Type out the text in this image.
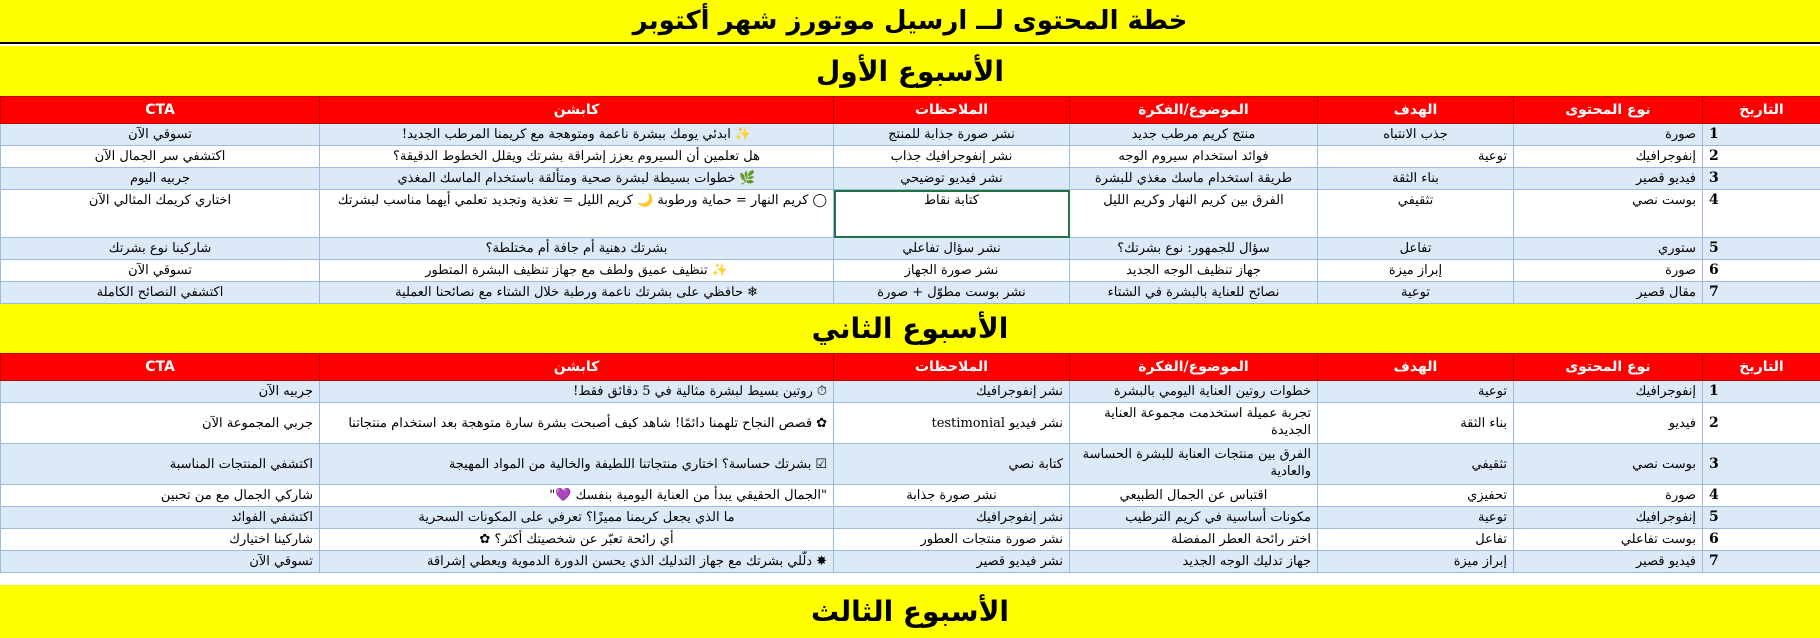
خطة المحتوى لــ ارسيل موتورز شهر أكتوبر
الأسبوع الأول
التاريخ	نوع المحتوى	الهدف	الموضوع/الفكرة	الملاحظات	كابشن	CTA
1	صورة	جذب الانتباه	منتج كريم مرطب جديد	نشر صورة جذابة للمنتج	✨ابدئي يومك ببشرة ناعمة ومتوهجة مع كريمنا المرطب الجديد!	تسوقي الآن
2	إنفوجرافيك	توعية	فوائد استخدام سيروم الوجه	نشر إنفوجرافيك جذاب	هل تعلمين أن السيروم يعزز إشراقة بشرتك ويقلل الخطوط الدقيقة؟	اكتشفي سر الجمال الآن
3	فيديو قصير	بناء الثقة	طريقة استخدام ماسك مغذي للبشرة	نشر فيديو توضيحي	🌿خطوات بسيطة لبشرة صحية ومتألقة باستخدام الماسك المغذي	جربيه اليوم
4	بوست نصي	تثقيفي	الفرق بين كريم النهار وكريم الليل	كتابة نقاط	◯كريم النهار = حماية ورطوبة 🌙 كريم الليل = تغذية وتجديد تعلمي أيهما مناسب لبشرتك	اختاري كريمك المثالي الآن
5	ستوري	تفاعل	سؤال للجمهور: نوع بشرتك؟	نشر سؤال تفاعلي	بشرتك دهنية أم جافة أم مختلطة؟	شاركينا نوع بشرتك
6	صورة	إبراز ميزة	جهاز تنظيف الوجه الجديد	نشر صورة الجهاز	✨تنظيف عميق ولطف مع جهاز تنظيف البشرة المتطور	تسوقي الآن
7	مقال قصير	توعية	نصائح للعناية بالبشرة في الشتاء	نشر بوست مطوّل + صورة	❄حافظي على بشرتك ناعمة ورطبة خلال الشتاء مع نصائحنا العملية	اكتشفي النصائح الكاملة
الأسبوع الثاني
التاريخ	نوع المحتوى	الهدف	الموضوع/الفكرة	الملاحظات	كابشن	CTA
1	إنفوجرافيك	توعية	خطوات روتين العناية اليومي بالبشرة	نشر إنفوجرافيك	⏱روتين بسيط لبشرة مثالية في 5 دقائق فقط!	جربيه الآن
2	فيديو	بناء الثقة	تجربة عميلة استخدمت مجموعة العناية الجديدة	نشر فيديو testimonial	✿قصص النجاح تلهمنا دائمًا! شاهد كيف أصبحت بشرة سارة متوهجة بعد استخدام منتجاتنا	جربي المجموعة الآن
3	بوست نصي	تثقيفي	الفرق بين منتجات العناية للبشرة الحساسة والعادية	كتابة نصي	☑بشرتك حساسة؟ اختاري منتجاتنا اللطيفة والخالية من المواد المهيجة	اكتشفي المنتجات المناسبة
4	صورة	تحفيزي	اقتباس عن الجمال الطبيعي	نشر صورة جذابة	"الجمال الحقيقي يبدأ من العناية اليومية بنفسك 💜"	شاركي الجمال مع من تحبين
5	إنفوجرافيك	توعية	مكونات أساسية في كريم الترطيب	نشر إنفوجرافيك	ما الذي يجعل كريمنا مميزًا؟ تعرفي على المكونات السحرية	اكتشفي الفوائد
6	بوست تفاعلي	تفاعل	اختر رائحة العطر المفضلة	نشر صورة منتجات العطور	أي رائحة تعبّر عن شخصيتك أكثر؟ ✿	شاركينا اختيارك
7	فيديو قصير	إبراز ميزة	جهاز تدليك الوجه الجديد	نشر فيديو قصير	✸دلّلي بشرتك مع جهاز التدليك الذي يحسن الدورة الدموية ويعطي إشراقة	تسوقي الآن
الأسبوع الثالث
